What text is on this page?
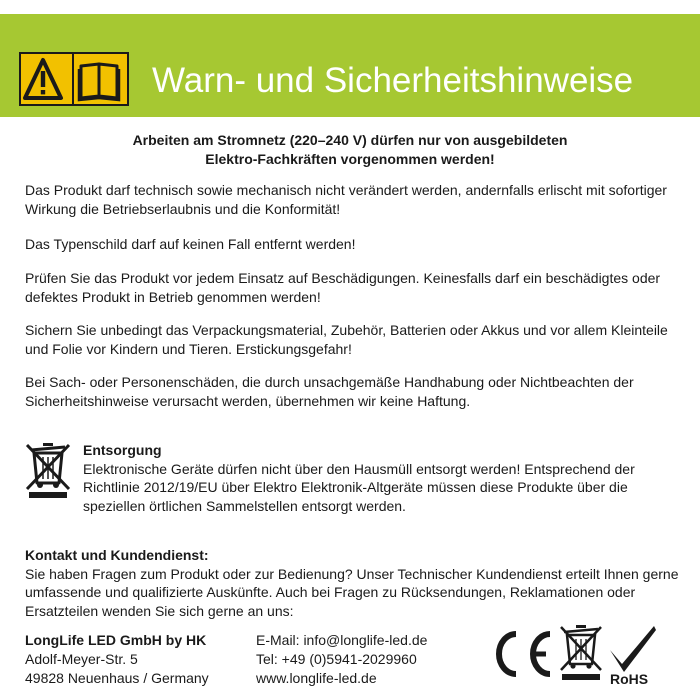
Warn- und Sicherheitshinweise
Arbeiten am Stromnetz (220–240 V) dürfen nur von ausgebildeten
Elektro-Fachkräften vorgenommen werden!
Das Produkt darf technisch sowie mechanisch nicht verändert werden, andernfalls erlischt mit sofortiger
Wirkung die Betriebserlaubnis und die Konformität!
Das Typenschild darf auf keinen Fall entfernt werden!
Prüfen Sie das Produkt vor jedem Einsatz auf Beschädigungen. Keinesfalls darf ein beschädigtes oder
defektes Produkt in Betrieb genommen werden!
Sichern Sie unbedingt das Verpackungsmaterial, Zubehör, Batterien oder Akkus und vor allem Kleinteile
und Folie vor Kindern und Tieren. Erstickungsgefahr!
Bei Sach- oder Personenschäden, die durch unsachgemäße Handhabung oder Nichtbeachten der
Sicherheitshinweise verursacht werden, übernehmen wir keine Haftung.
Entsorgung
Elektronische Geräte dürfen nicht über den Hausmüll entsorgt werden! Entsprechend der
Richtlinie 2012/19/EU über Elektro Elektronik-Altgeräte müssen diese Produkte über die
speziellen örtlichen Sammelstellen entsorgt werden.
Kontakt und Kundendienst:
Sie haben Fragen zum Produkt oder zur Bedienung? Unser Technischer Kundendienst erteilt Ihnen gerne
umfassende und qualifizierte Auskünfte. Auch bei Fragen zu Rücksendungen, Reklamationen oder
Ersatzteilen wenden Sie sich gerne an uns:
LongLife LED GmbH by HK
Adolf-Meyer-Str. 5
49828 Neuenhaus / Germany
E-Mail: info@longlife-led.de
Tel: +49 (0)5941-2029960
www.longlife-led.de	RoHS
